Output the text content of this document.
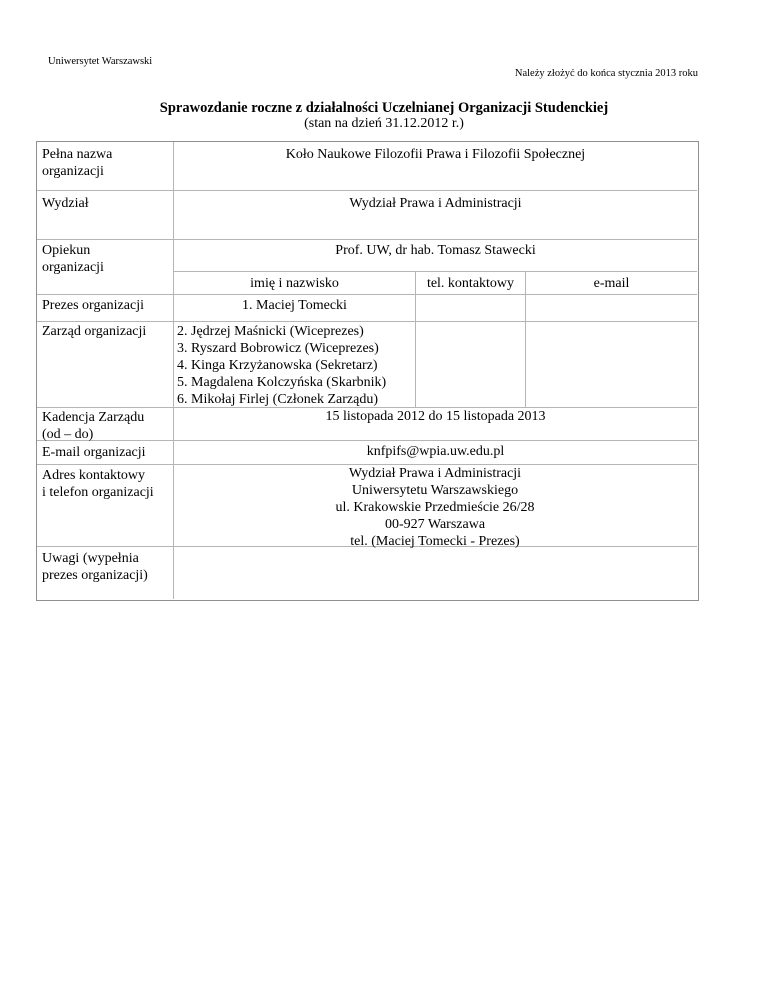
Uniwersytet Warszawski
Należy złożyć do końca stycznia 2013 roku
Sprawozdanie roczne z działalności Uczelnianej Organizacji Studenckiej
(stan na dzień 31.12.2012 r.)
Pełna nazwa
organizacji
Wydział
Opiekun
organizacji
Prezes organizacji
Zarząd organizacji
Kadencja Zarządu
(od – do)
E-mail organizacji
Adres kontaktowy
i telefon organizacji
Uwagi (wypełnia
prezes organizacji)
Koło Naukowe Filozofii Prawa i Filozofii Społecznej
Wydział Prawa i Administracji
Prof. UW, dr hab. Tomasz Stawecki
imię i nazwisko	tel. kontaktowy	e-mail
1. Maciej Tomecki
2. Jędrzej Maśnicki (Wiceprezes)
3. Ryszard Bobrowicz (Wiceprezes)
4. Kinga Krzyżanowska (Sekretarz)
5. Magdalena Kolczyńska (Skarbnik)
6. Mikołaj Firlej (Członek Zarządu)
15 listopada 2012 do 15 listopada 2013
knfpifs@wpia.uw.edu.pl
Wydział Prawa i Administracji
Uniwersytetu Warszawskiego
ul. Krakowskie Przedmieście 26/28
00-927 Warszawa
tel. (Maciej Tomecki - Prezes)
